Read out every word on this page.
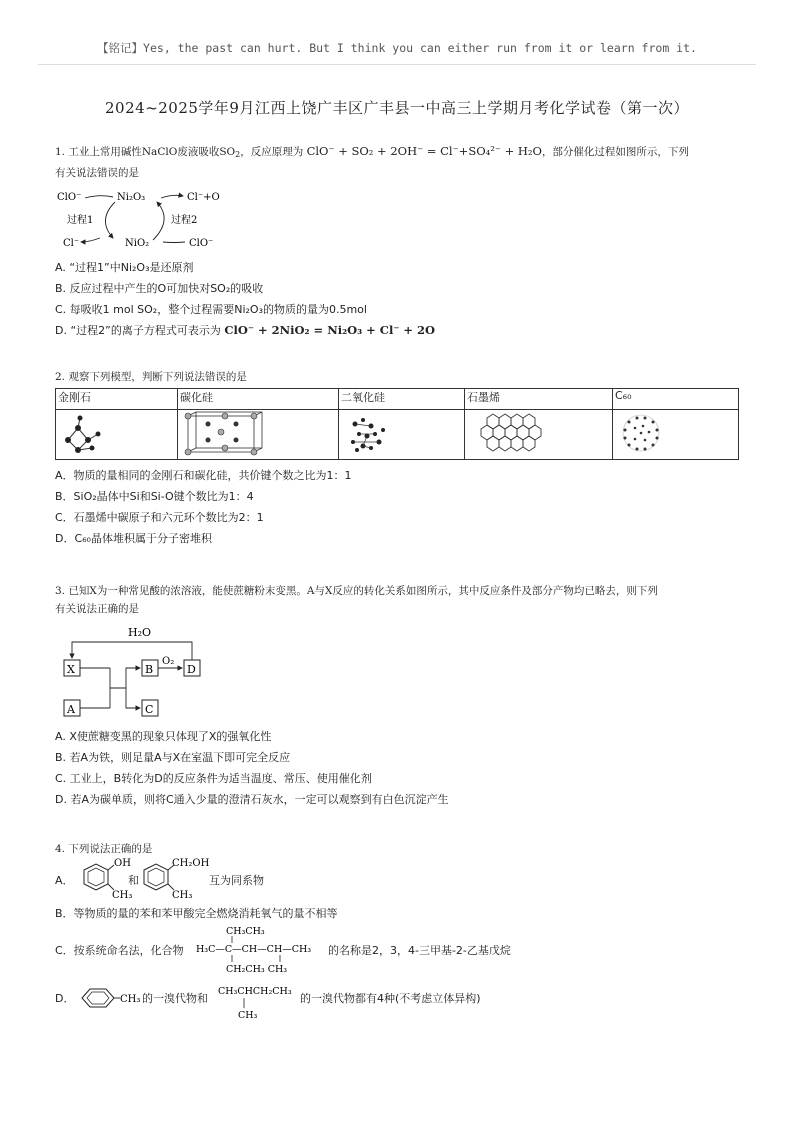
【铭记】Yes, the past can hurt. But I think you can either run from it or learn from it.
2024~2025学年9月江西上饶广丰区广丰县一中高三上学期月考化学试卷（第一次）
1. 工业上常用碱性NaClO废液吸收$SO_2$，反应原理为 ClO⁻ + SO₂ + 2OH⁻ = Cl⁻+SO₄²⁻ + H₂O，部分催化过程如图所示，下列
有关说法错误的是
ClO⁻	Ni₂O₃	Cl⁻+O
过程1	过程2
Cl⁻	NiO₂	ClO⁻
A. “过程1”中Ni₂O₃是还原剂
B. 反应过程中产生的O可加快对SO₂的吸收
C. 每吸收1 mol SO₂，整个过程需要Ni₂O₃的物质的量为0.5mol
D. “过程2”的离子方程式可表示为 ClO⁻ + 2NiO₂ = Ni₂O₃ + Cl⁻ + 2O
2. 观察下列模型，判断下列说法错误的是
金刚石	碳化硅	二氧化硅	石墨烯	C₆₀

A．物质的量相同的金刚石和碳化硅，共价键个数之比为1：1
B．SiO₂晶体中Si和Si-O键个数比为1：4
C．石墨烯中碳原子和六元环个数比为2：1
D．C₆₀晶体堆积属于分子密堆积
3. 已知X为一种常见酸的浓溶液，能使蔗糖粉末变黑。A与X反应的转化关系如图所示，其中反应条件及部分产物均已略去，则下列
有关说法正确的是
H₂O
O₂
X	B	D
A	C
A. X使蔗糖变黑的现象只体现了X的强氧化性
B. 若A为铁，则足量A与X在室温下即可完全反应
C. 工业上，B转化为D的反应条件为适当温度、常压、使用催化剂
D. 若A为碳单质，则将C通入少量的澄清石灰水，一定可以观察到有白色沉淀产生
4. 下列说法正确的是
A．
OH
CH₃
和
CH₂OH
CH₃
互为同系物
B．等物质的量的苯和苯甲酸完全燃烧消耗氧气的量不相等
C．按系统命名法，化合物
CH₃CH₃
H₃C—C—CH—CH—CH₃
CH₂CH₃ CH₃
的名称是2，3，4-三甲基-2-乙基戊烷
D．	CH₃ 的一溴代物和
CH₃CHCH₂CH₃
CH₃
的一溴代物都有4种(不考虑立体异构)
